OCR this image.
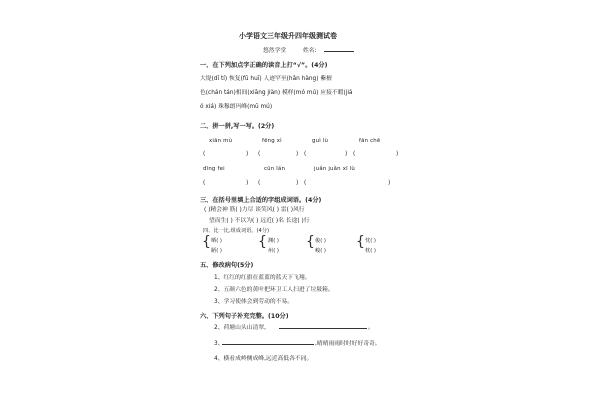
小学语文三年级升四年级测试卷
悠然学堂	姓名:
一、在下列加点字正确的读音上打“√”。(4分)
大堤(dī tí) 恢复(fū huī) 人迹罕至(hǎn hàng) 紫檀
色(chán tán)相间(xiāng jiàn) 模样(mó mú) 应接不暇(jiá
ó xiá) 珠穆朗玛峰(mū mú)
二、拼一拼,写一写。(2分)
xiān mù	fēng xì	guì lù	fān chē
(	) (	) (	) (	)
dīng fei	cūn lán	juǎn juǎn xī lù
(	) (	) (	)
三、在括号里填上合适的字组成词语。(4分)
( )精会神 筋( )力尽 谈笑风( ) 雷( )风行
望而生( ) 不以为( ) 远近( )名 长途( )行
四、比一比,组成词语。(4分)
{ 晒( )
陋( )
{ 渊( )
州( )
{ 俊( )
峻( )
{ 忱( )
枕( )
五、修改病句(5分)
1、红红的红旗在蓝蓝的蓝天下飞翔。
2、五颜六色的黄叶把环卫工人扫进了垃圾箱。
3、学习使体会到劳动的不易。
六、下列句子补充完整。(10分)
2、荷塘山头山清翠,	。
3、	,晴晴雨雨时时好好奇奇。
4、横看成岭侧成峰,远近高低各不同。
